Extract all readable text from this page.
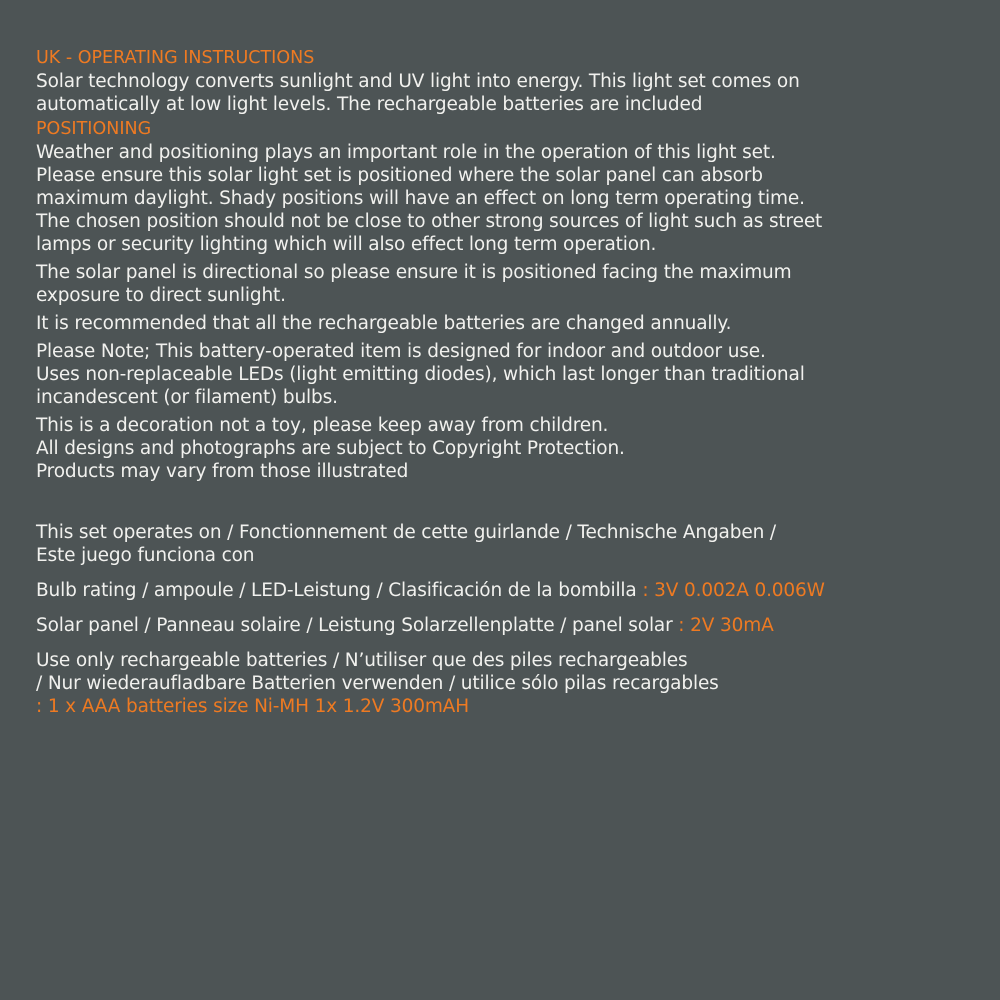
UK - OPERATING INSTRUCTIONS

Solar technology converts sunlight and UV light into energy. This light set comes on
automatically at low light levels. The rechargeable batteries are included

POSITIONING

Weather and positioning plays an important role in the operation of this light set.
Please ensure this solar light set is positioned where the solar panel can absorb
maximum daylight. Shady positions will have an effect on long term operating time.
The chosen position should not be close to other strong sources of light such as street
lamps or security lighting which will also effect long term operation.

The solar panel is directional so please ensure it is positioned facing the maximum
exposure to direct sunlight.

It is recommended that all the rechargeable batteries are changed annually.

Please Note; This battery-operated item is designed for indoor and outdoor use.
Uses non-replaceable LEDs (light emitting diodes), which last longer than traditional
incandescent (or filament) bulbs.

This is a decoration not a toy, please keep away from children.
All designs and photographs are subject to Copyright Protection.
Products may vary from those illustrated

This set operates on / Fonctionnement de cette guirlande / Technische Angaben /
Este juego funciona con

Bulb rating / ampoule / LED-Leistung / Clasificación de la bombilla : 3V 0.002A 0.006W

Solar panel / Panneau solaire / Leistung Solarzellenplatte / panel solar : 2V 30mA

Use only rechargeable batteries / N’utiliser que des piles rechargeables
/ Nur wiederaufladbare Batterien verwenden / utilice sólo pilas recargables
: 1 x AAA batteries size Ni-MH 1x 1.2V 300mAH
